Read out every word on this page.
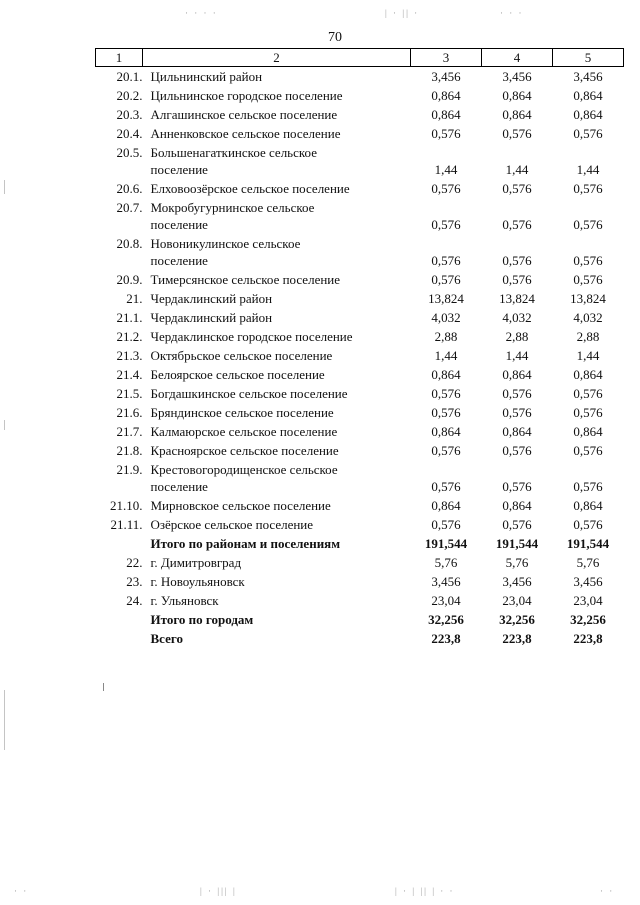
· · · ·	| · || ·	· · ·
· ·	| · ||| |	| · | || | · ·	· ·
70
1	2	3	4	5
20.1.	Цильнинский район	3,456	3,456	3,456
20.2.	Цильнинское городское поселение	0,864	0,864	0,864
20.3.	Алгашинское сельское поселение	0,864	0,864	0,864
20.4.	Анненковское сельское поселение	0,576	0,576	0,576
20.5.	Большенагаткинское сельское
поселение	1,44	1,44	1,44
20.6.	Елховоозёрское сельское поселение	0,576	0,576	0,576
20.7.	Мокробугурнинское сельское
поселение	0,576	0,576	0,576
20.8.	Новоникулинское сельское
поселение	0,576	0,576	0,576
20.9.	Тимерсянское сельское поселение	0,576	0,576	0,576
21.	Чердаклинский район	13,824	13,824	13,824
21.1.	Чердаклинский район	4,032	4,032	4,032
21.2.	Чердаклинское городское поселение	2,88	2,88	2,88
21.3.	Октябрьское сельское поселение	1,44	1,44	1,44
21.4.	Белоярское сельское поселение	0,864	0,864	0,864
21.5.	Богдашкинское сельское поселение	0,576	0,576	0,576
21.6.	Бряндинское сельское поселение	0,576	0,576	0,576
21.7.	Калмаюрское сельское поселение	0,864	0,864	0,864
21.8.	Красноярское сельское поселение	0,576	0,576	0,576
21.9.	Крестовогородищенское сельское
поселение	0,576	0,576	0,576
21.10.	Мирновское сельское поселение	0,864	0,864	0,864
21.11.	Озёрское сельское поселение	0,576	0,576	0,576

	Итого по районам и поселениям	191,544	191,544	191,544
22.	г. Димитровград	5,76	5,76	5,76
23.	г. Новоульяновск	3,456	3,456	3,456
24.	г. Ульяновск	23,04	23,04	23,04

	Итого по городам	32,256	32,256	32,256

	Всего	223,8	223,8	223,8
